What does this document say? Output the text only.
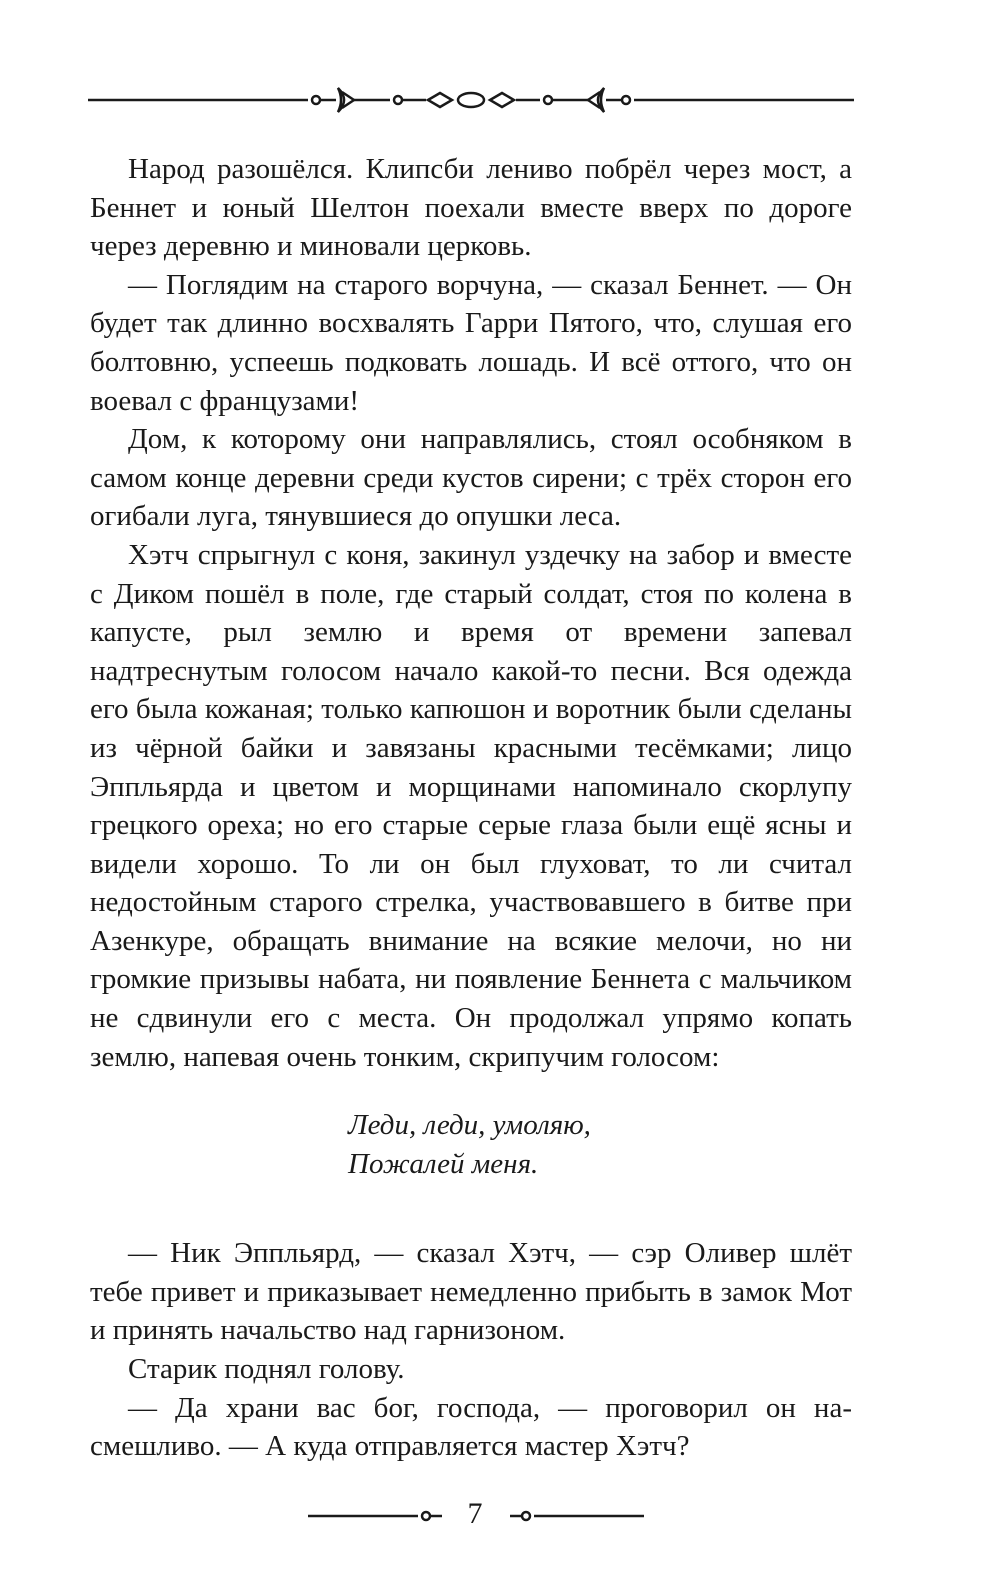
Народ разошёлся. Клипсби лениво побрёл через мост, а Беннет и юный Шелтон поехали вместе вверх по дороге через деревню и миновали церковь.

— Поглядим на старого ворчуна, — сказал Беннет. — Он будет так длинно восхвалять Гарри Пятого, что, слушая его болтовню, успеешь подковать лошадь. И всё оттого, что он воевал с французами!

Дом, к которому они направлялись, стоял особняком в самом конце деревни среди кустов сирени; с трёх сторон его огибали луга, тянувшиеся до опушки леса.

Хэтч спрыгнул с коня, закинул уздечку на забор и вместе с Диком пошёл в поле, где старый солдат, стоя по колена в капусте, рыл землю и время от времени запевал надтреснутым голосом начало какой-то песни. Вся одежда его была кожаная; только капюшон и воротник были сделаны из чёрной байки и завязаны красными тесёмками; лицо Эппльярда и цветом и морщинами напоминало скорлупу грецкого ореха; но его старые серые глаза были ещё ясны и видели хорошо. То ли он был глуховат, то ли считал недостойным старого стрелка, участвовавшего в битве при Азенкуре, обращать внимание на всякие мелочи, но ни громкие призывы набата, ни появление Беннета с мальчиком не сдвинули его с места. Он продолжал упрямо копать землю, напевая очень тонким, скрипучим голосом:

Леди, леди, умоляю,
Пожалей меня.

— Ник Эппльярд, — сказал Хэтч, — сэр Оливер шлёт тебе привет и приказывает немедленно прибыть в замок Мот и принять начальство над гарнизоном.

Старик поднял голову.

— Да храни вас бог, господа, — проговорил он насмешливо. — А куда отправляется мастер Хэтч?

7
